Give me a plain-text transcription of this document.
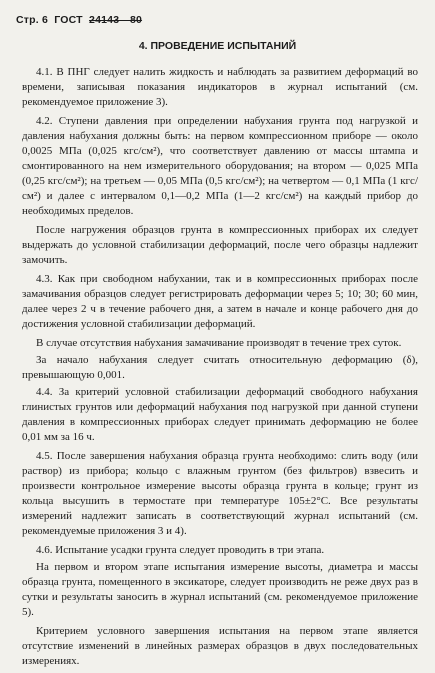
Стр. 6 ГОСТ 24143—80
4. ПРОВЕДЕНИЕ ИСПЫТАНИЙ

4.1. В ПНГ следует налить жидкость и наблюдать за развитием деформаций во времени, записывая показания индикаторов в журнал испытаний (см. рекомендуемое приложение 3).

4.2. Ступени давления при определении набухания грунта под нагрузкой и давления набухания должны быть: на первом компрессионном приборе — около 0,0025 МПа (0,025 кгс/см²), что соответствует давлению от массы штампа и смонтированного на нем измерительного оборудования; на втором — 0,025 МПа (0,25 кгс/см²); на третьем — 0,05 МПа (0,5 кгс/см²); на четвертом — 0,1 МПа (1 кгс/см²) и далее с интервалом 0,1—0,2 МПа (1—2 кгс/см²) на каждый прибор до необходимых пределов.

После нагружения образцов грунта в компрессионных приборах их следует выдержать до условной стабилизации деформаций, после чего образцы надлежит замочить.

4.3. Как при свободном набухании, так и в компрессионных приборах после замачивания образцов следует регистрировать деформации через 5; 10; 30; 60 мин, далее через 2 ч в течение рабочего дня, а затем в начале и конце рабочего дня до достижения условной стабилизации деформаций.

В случае отсутствия набухания замачивание производят в течение трех суток.

За начало набухания следует считать относительную деформацию (δ), превышающую 0,001.

4.4. За критерий условной стабилизации деформаций свободного набухания глинистых грунтов или деформаций набухания под нагрузкой при данной ступени давления в компрессионных приборах следует принимать деформацию не более 0,01 мм за 16 ч.

4.5. После завершения набухания образца грунта необходимо: слить воду (или раствор) из прибора; кольцо с влажным грунтом (без фильтров) взвесить и произвести контрольное измерение высоты образца грунта в кольце; грунт из кольца высушить в термостате при температуре 105±2°С. Все результаты измерений надлежит записать в соответствующий журнал испытаний (см. рекомендуемые приложения 3 и 4).

4.6. Испытание усадки грунта следует проводить в три этапа.

На первом и втором этапе испытания измерение высоты, диаметра и массы образца грунта, помещенного в эксикаторе, следует производить не реже двух раз в сутки и результаты заносить в журнал испытаний (см. рекомендуемое приложение 5).

Критерием условного завершения испытания на первом этапе является отсутствие изменений в линейных размерах образцов в двух последовательных измерениях.
